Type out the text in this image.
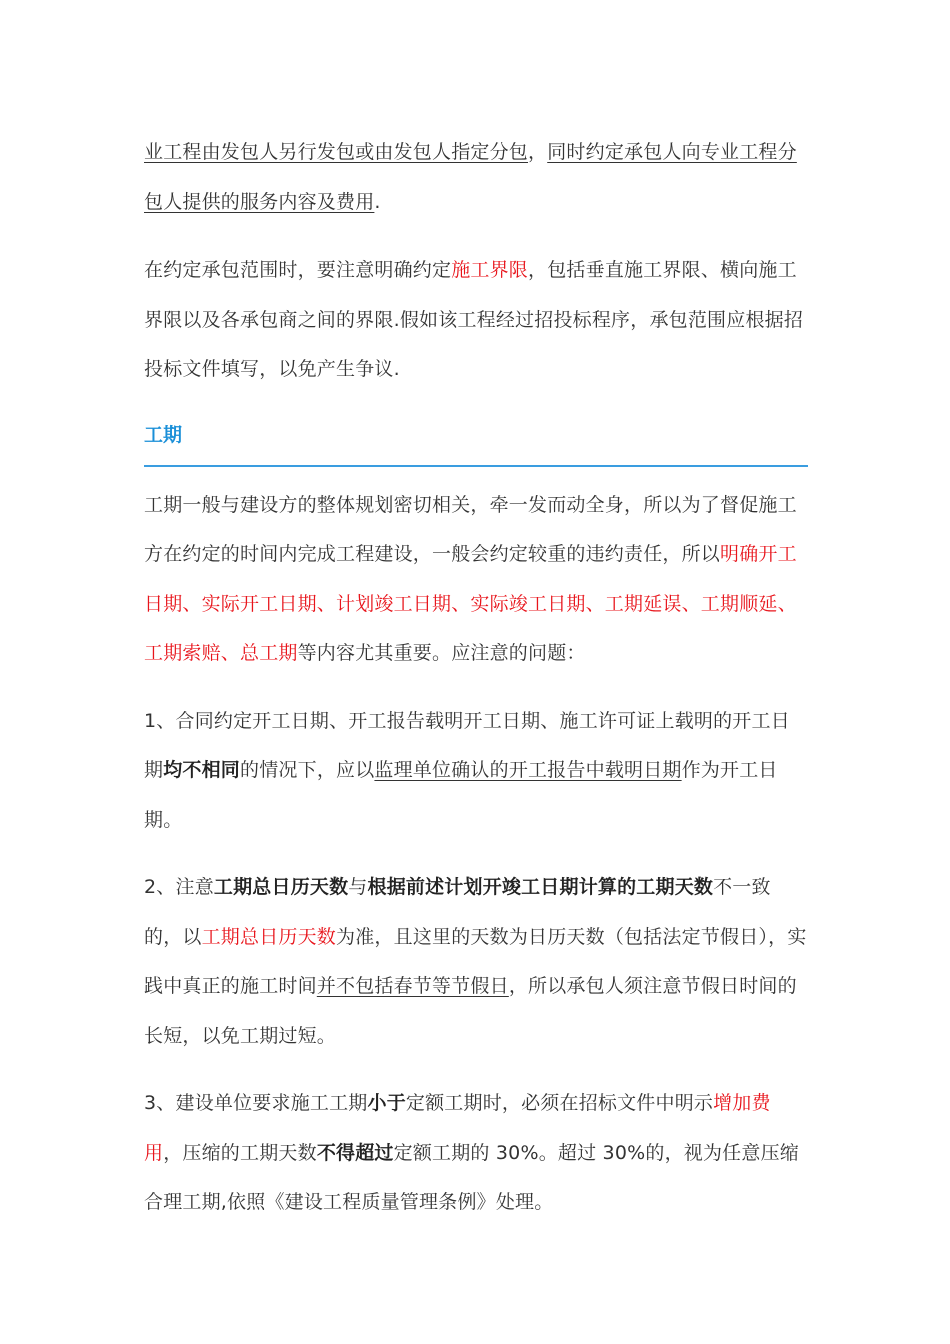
业工程由发包人另行发包或由发包人指定分包，同时约定承包人向专业工程分包人提供的服务内容及费用.

在约定承包范围时，要注意明确约定施工界限，包括垂直施工界限、横向施工界限以及各承包商之间的界限.假如该工程经过招投标程序，承包范围应根据招投标文件填写，以免产生争议.

工期

工期一般与建设方的整体规划密切相关，牵一发而动全身，所以为了督促施工方在约定的时间内完成工程建设，一般会约定较重的违约责任，所以明确开工日期、实际开工日期、计划竣工日期、实际竣工日期、工期延误、工期顺延、工期索赔、总工期等内容尤其重要。应注意的问题：

1、合同约定开工日期、开工报告载明开工日期、施工许可证上载明的开工日期均不相同的情况下，应以监理单位确认的开工报告中载明日期作为开工日期。

2、注意工期总日历天数与根据前述计划开竣工日期计算的工期天数不一致的，以工期总日历天数为准，且这里的天数为日历天数（包括法定节假日），实践中真正的施工时间并不包括春节等节假日，所以承包人须注意节假日时间的长短，以免工期过短。

3、建设单位要求施工工期小于定额工期时，必须在招标文件中明示增加费用，压缩的工期天数不得超过定额工期的 30%。超过 30%的，视为任意压缩合理工期,依照《建设工程质量管理条例》处理。
